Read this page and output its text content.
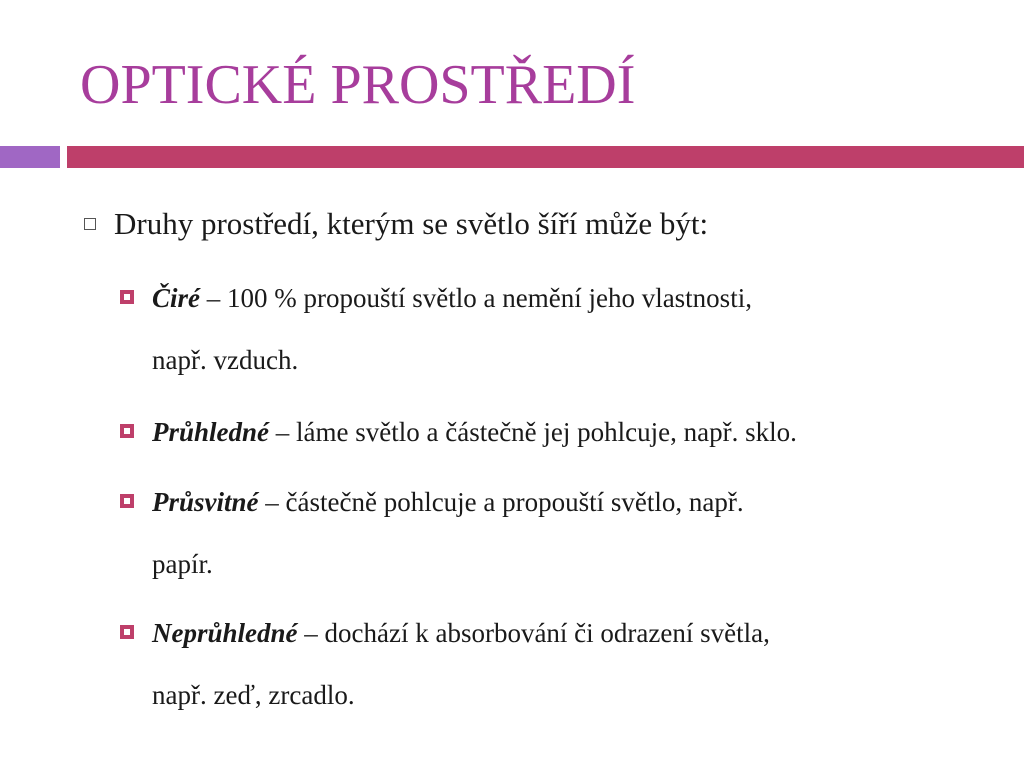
OPTICKÉ PROSTŘEDÍ
Druhy prostředí, kterým se světlo šíří může být:
Čiré – 100 % propouští světlo a nemění jeho vlastnosti,
např. vzduch.
Průhledné – láme světlo a částečně jej pohlcuje, např. sklo.
Průsvitné – částečně pohlcuje a propouští světlo, např.
papír.
Neprůhledné – dochází k absorbování či odrazení světla,
např. zeď, zrcadlo.
